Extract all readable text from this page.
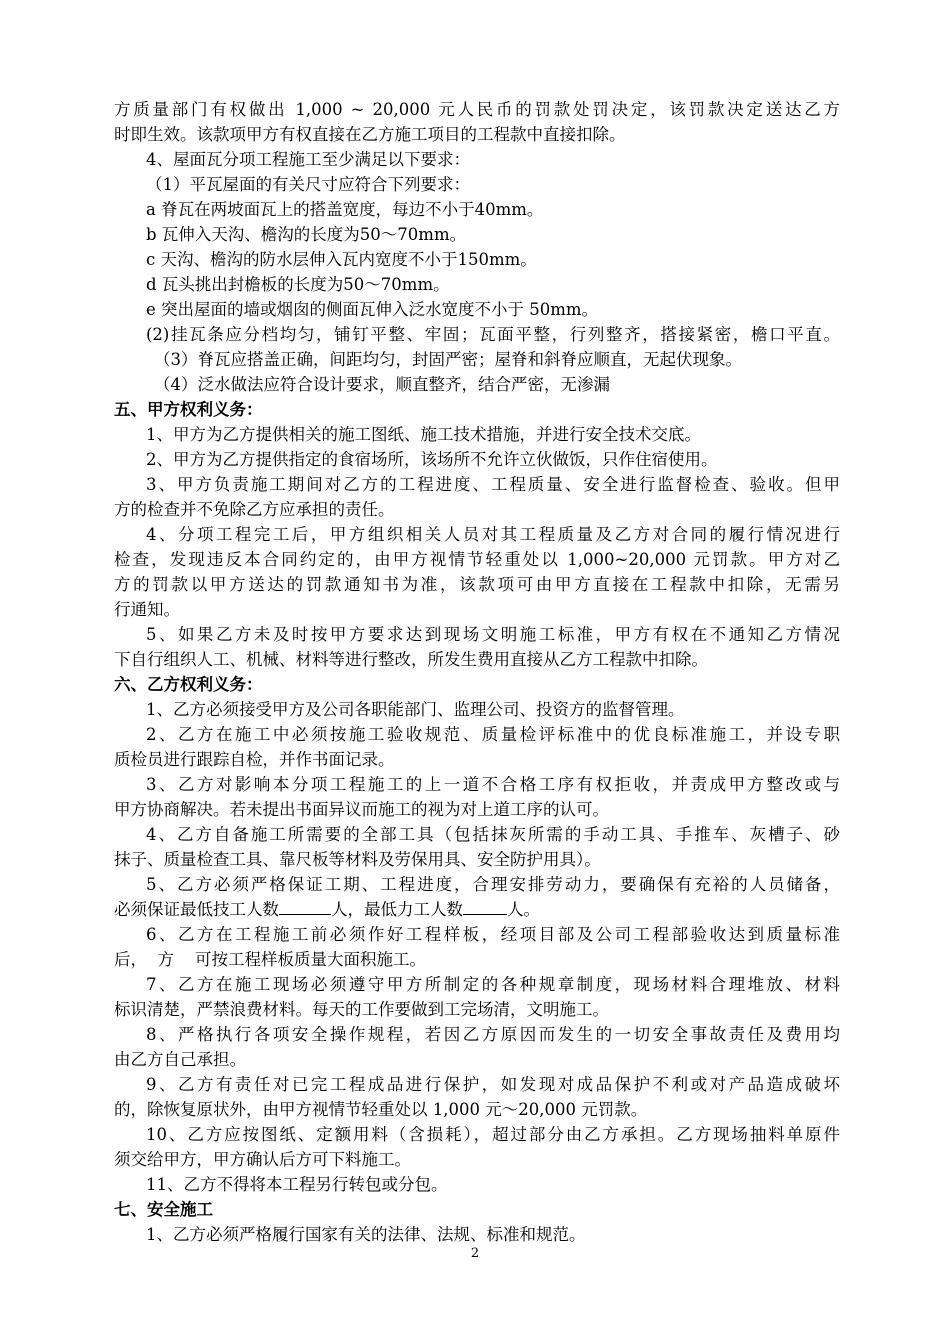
方质量部门有权做出 1,000 ~ 20,000 元人民币的罚款处罚决定，该罚款决定送达乙方
时即生效。该款项甲方有权直接在乙方施工项目的工程款中直接扣除。
4、屋面瓦分项工程施工至少满足以下要求：
（1）平瓦屋面的有关尺寸应符合下列要求：
a 脊瓦在两坡面瓦上的搭盖宽度，每边不小于40mm。
b 瓦伸入天沟、檐沟的长度为50～70mm。
c 天沟、檐沟的防水层伸入瓦内宽度不小于150mm。
d 瓦头挑出封檐板的长度为50～70mm。
e 突出屋面的墙或烟囱的侧面瓦伸入泛水宽度不小于 50mm。
(2)挂瓦条应分档均匀，铺钉平整、牢固；瓦面平整，行列整齐，搭接紧密，檐口平直。
（3）脊瓦应搭盖正确，间距均匀，封固严密；屋脊和斜脊应顺直，无起伏现象。
（4）泛水做法应符合设计要求，顺直整齐，结合严密，无渗漏
五、甲方权利义务：
1、甲方为乙方提供相关的施工图纸、施工技术措施，并进行安全技术交底。
2、甲方为乙方提供指定的食宿场所，该场所不允许立伙做饭，只作住宿使用。
3、甲方负责施工期间对乙方的工程进度、工程质量、安全进行监督检查、验收。但甲
方的检查并不免除乙方应承担的责任。
4、分项工程完工后，甲方组织相关人员对其工程质量及乙方对合同的履行情况进行
检查，发现违反本合同约定的，由甲方视情节轻重处以 1,000~20,000 元罚款。甲方对乙
方的罚款以甲方送达的罚款通知书为准，该款项可由甲方直接在工程款中扣除，无需另
行通知。
5、如果乙方未及时按甲方要求达到现场文明施工标准，甲方有权在不通知乙方情况
下自行组织人工、机械、材料等进行整改，所发生费用直接从乙方工程款中扣除。
六、乙方权利义务：
1、乙方必须接受甲方及公司各职能部门、监理公司、投资方的监督管理。
2、乙方在施工中必须按施工验收规范、质量检评标准中的优良标准施工，并设专职
质检员进行跟踪自检，并作书面记录。
3、乙方对影响本分项工程施工的上一道不合格工序有权拒收，并责成甲方整改或与
甲方协商解决。若未提出书面异议而施工的视为对上道工序的认可。
4、乙方自备施工所需要的全部工具（包括抹灰所需的手动工具、手推车、灰槽子、砂
抹子、质量检查工具、靠尺板等材料及劳保用具、安全防护用具）。
5、乙方必须严格保证工期、工程进度，合理安排劳动力，要确保有充裕的人员储备，
必须保证最低技工人数	人，最低力工人数	人。
6、乙方在工程施工前必须作好工程样板，经项目部及公司工程部验收达到质量标准
后，  方    可按工程样板质量大面积施工。
7、乙方在施工现场必须遵守甲方所制定的各种规章制度，现场材料合理堆放、材料
标识清楚，严禁浪费材料。每天的工作要做到工完场清，文明施工。
8、严格执行各项安全操作规程，若因乙方原因而发生的一切安全事故责任及费用均
由乙方自己承担。
9、乙方有责任对已完工程成品进行保护，如发现对成品保护不利或对产品造成破坏
的，除恢复原状外，由甲方视情节轻重处以 1,000 元～20,000 元罚款。
10、乙方应按图纸、定额用料（含损耗），超过部分由乙方承担。乙方现场抽料单原件
须交给甲方，甲方确认后方可下料施工。
11、乙方不得将本工程另行转包或分包。
七、安全施工
1、乙方必须严格履行国家有关的法律、法规、标准和规范。
2
